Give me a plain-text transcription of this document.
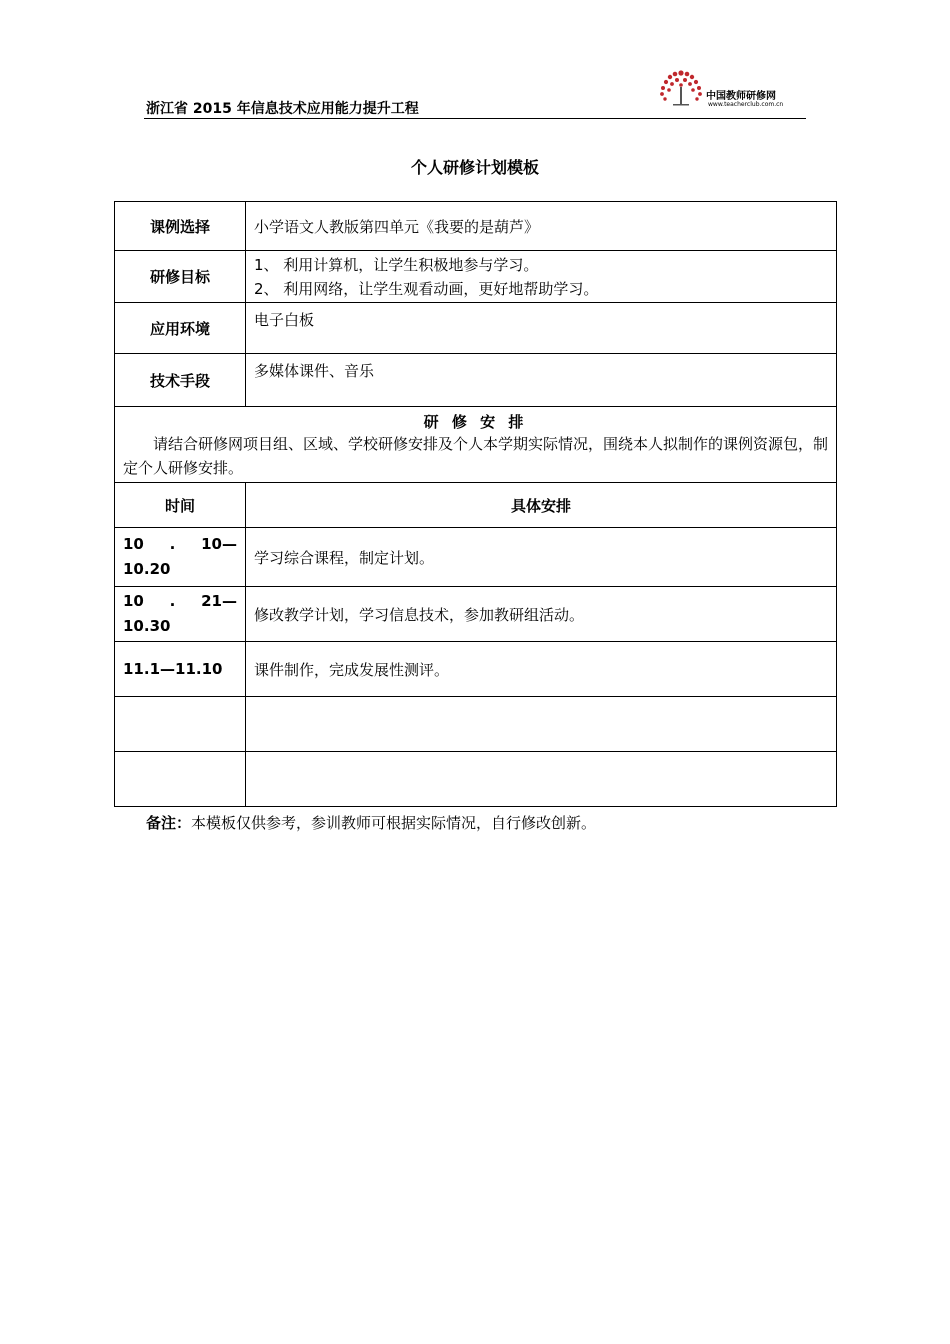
浙江省 2015 年信息技术应用能力提升工程
中国教师研修网
www.teacherclub.com.cn
个人研修计划模板
课例选择	小学语文人教版第四单元《我要的是葫芦》
研修目标	1、 利用计算机，让学生积极地参与学习。
2、 利用网络，让学生观看动画，更好地帮助学习。

应用环境	电子白板
技术手段	多媒体课件、音乐

研 修 安 排
请结合研修网项目组、区域、学校研修安排及个人本学期实际情况，围绕本人拟制作的课例资源包，制定个人研修安排。	

时间	具体安排

10 . 10—
10.20	学习综合课程，制定计划。

10 . 21—
10.30	修改教学计划，学习信息技术，参加教研组活动。
11.1—11.10	课件制作，完成发展性测评。

备注：本模板仅供参考，参训教师可根据实际情况，自行修改创新。
